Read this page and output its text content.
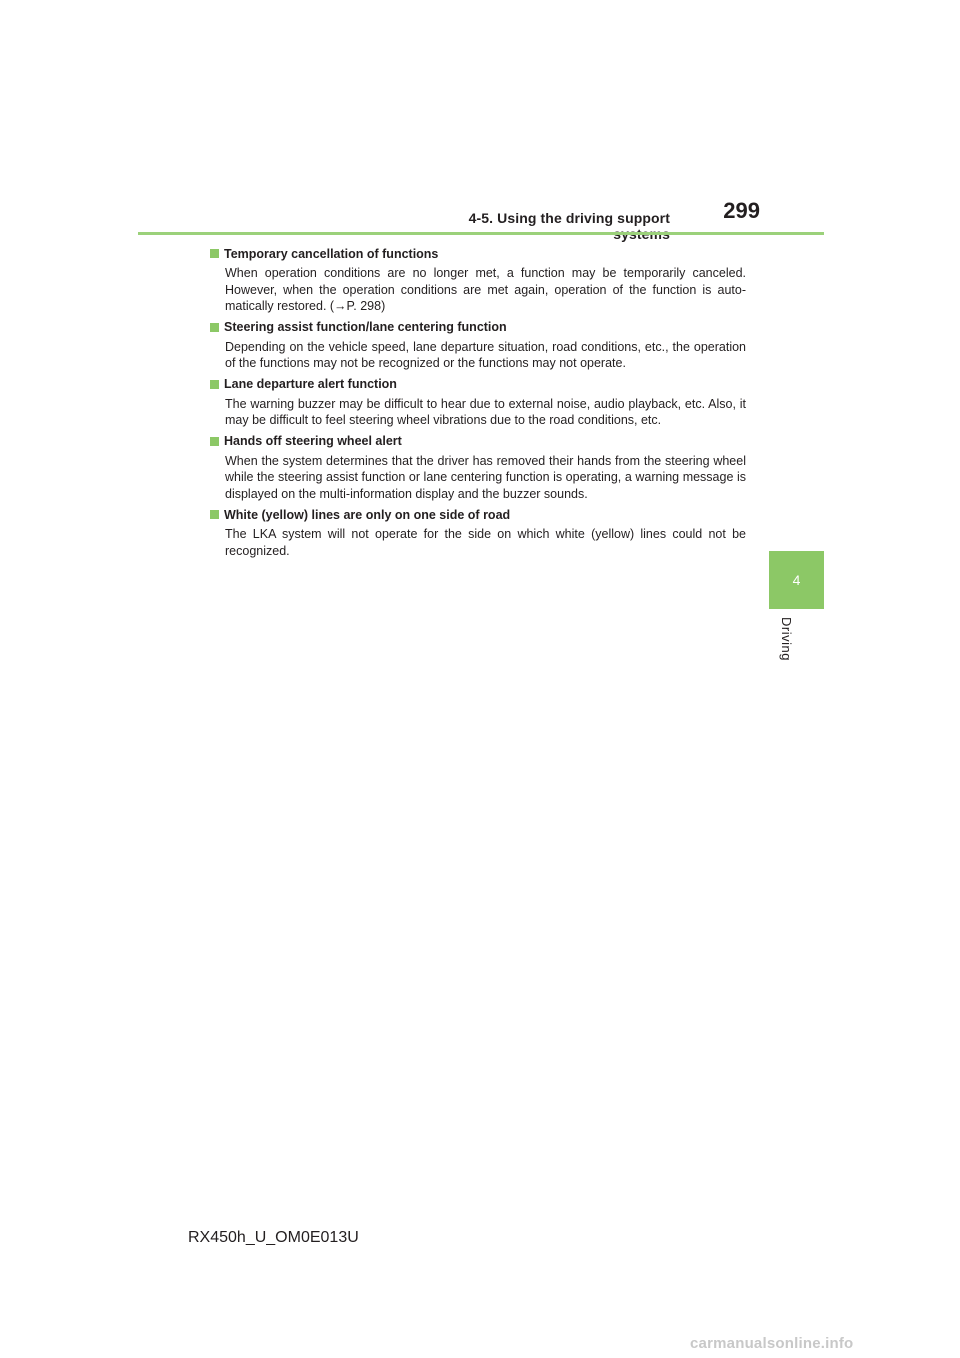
4-5. Using the driving support	299
Temporary cancellation of functions

When operation conditions are no longer met, a function may be temporarily canceled. However, when the operation conditions are met again, operation of the function is auto-matically restored. (→P. 298)

Steering assist function/lane centering function

Depending on the vehicle speed, lane departure situation, road conditions, etc., the operation of the functions may not be recognized or the functions may not operate.

Lane departure alert function

The warning buzzer may be difficult to hear due to external noise, audio playback, etc. Also, it may be difficult to feel steering wheel vibrations due to the road conditions, etc.

Hands off steering wheel alert

When the system determines that the driver has removed their hands from the steering wheel while the steering assist function or lane centering function is operating, a warning message is displayed on the multi-information display and the buzzer sounds.

White (yellow) lines are only on one side of road

The LKA system will not operate for the side on which white (yellow) lines could not be recognized.

4
Driving
RX450h_U_OM0E013U
carmanualsonline.info
